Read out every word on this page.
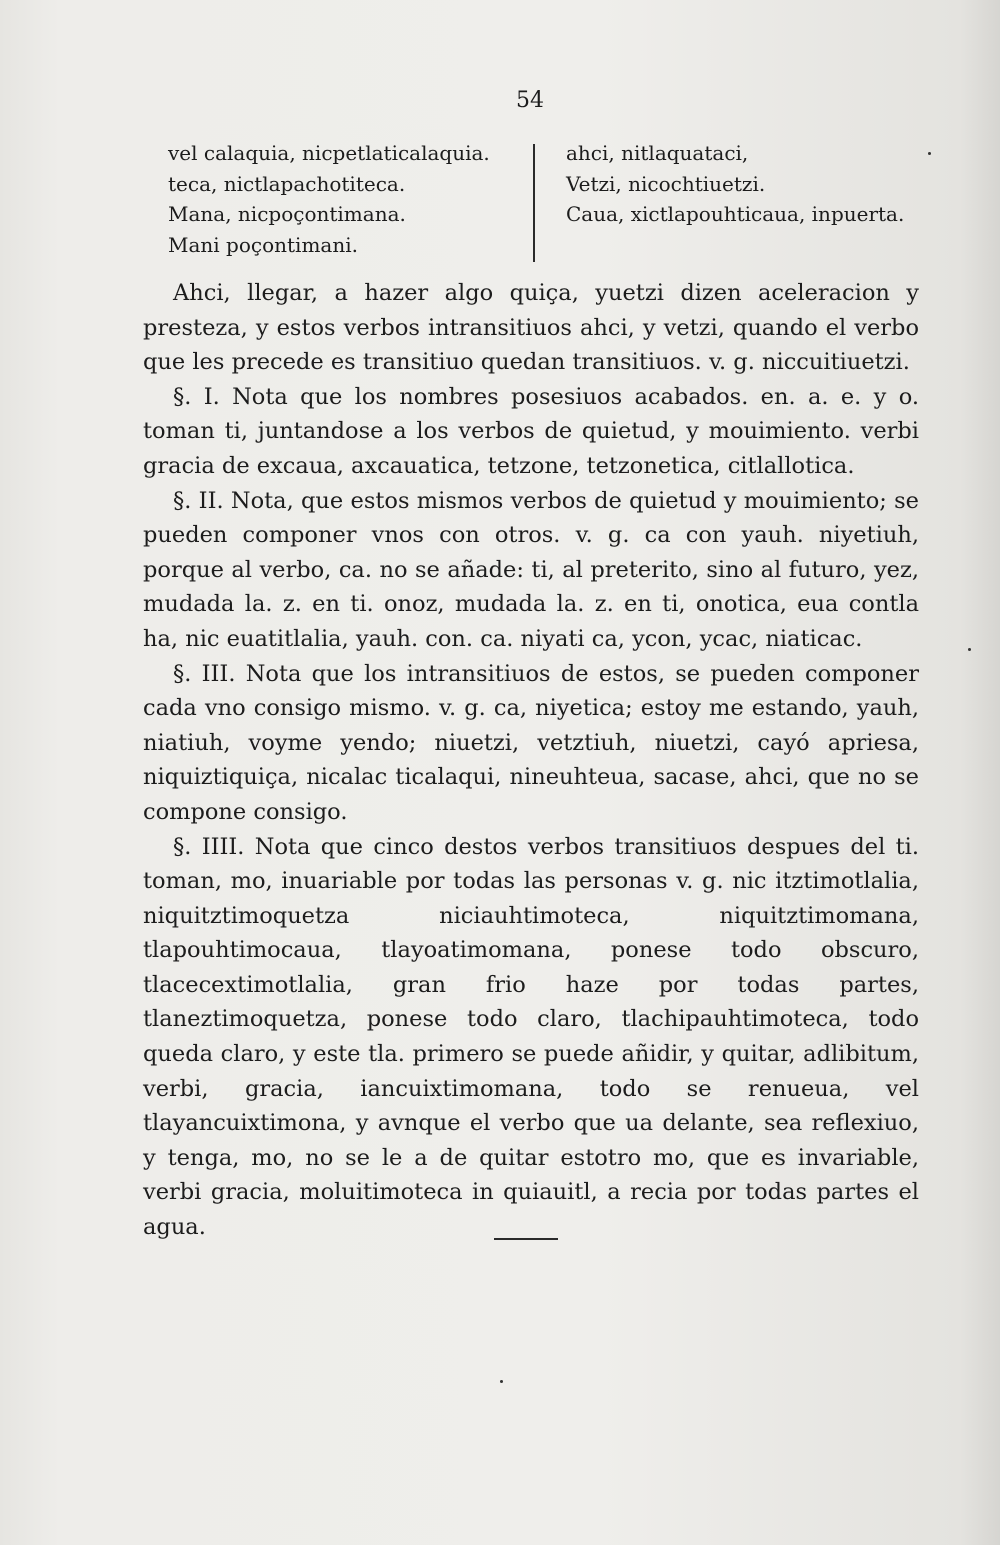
54
vel calaquia, nicpetlaticalaquia.
teca, nictlapachotiteca.
Mana, nicpoçontimana.
Mani poçontimani.
ahci, nitlaquataci,
Vetzi, nicochtiuetzi.
Caua, xictlapouhticaua, inpuerta.

Ahci, llegar, a hazer algo quiça, yuetzi dizen aceleracion y presteza, y estos verbos intransitiuos ahci, y vetzi, quando el verbo que les precede es transitiuo quedan transitiuos. v. g. niccuitiuetzi.

§. I. Nota que los nombres posesiuos acabados. en. a. e. y o. toman ti, juntandose a los verbos de quietud, y mouimiento. verbi gracia de excaua, axcauatica, tetzone, tetzonetica, citlallotica.

§. II. Nota, que estos mismos verbos de quietud y mouimiento; se pueden componer vnos con otros. v. g. ca con yauh. niyetiuh, porque al verbo, ca. no se añade: ti, al preterito, sino al futuro, yez, mudada la. z. en ti. onoz, mudada la. z. en ti, onotica, eua contla ha, nic euatitlalia, yauh. con. ca. niyati ca, ycon, ycac, niaticac.

§. III. Nota que los intransitiuos de estos, se pueden componer cada vno consigo mismo. v. g. ca, niyetica; estoy me estando, yauh, niatiuh, voyme yendo; niuetzi, vetztiuh, niuetzi, cayó apriesa, niquiztiquiça, nicalac ticalaqui, nineuhteua, sacase, ahci, que no se compone consigo.

§. IIII. Nota que cinco destos verbos transitiuos despues del ti. toman, mo, inuariable por todas las personas v. g. nic itztimotlalia, niquitztimoquetza niciauhtimoteca, niquitztimomana, tlapouhtimocaua, tlayoatimomana, ponese todo obscuro, tlacecextimotlalia, gran frio haze por todas partes, tlaneztimoquetza, ponese todo claro, tlachipauhtimoteca, todo queda claro, y este tla. primero se puede añidir, y quitar, adlibitum, verbi, gracia, iancuixtimomana, todo se renueua, vel tlayancuixtimona, y avnque el verbo que ua delante, sea reflexiuo, y tenga, mo, no se le a de quitar estotro mo, que es invariable, verbi gracia, moluitimoteca in quiauitl, a recia por todas partes el agua.
